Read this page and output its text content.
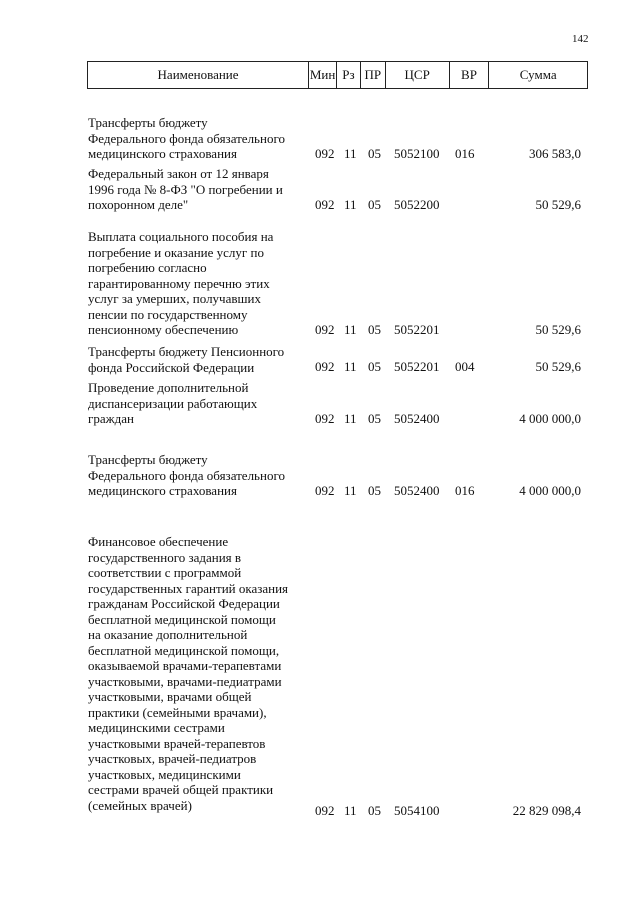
142
Наименование	Мин Рз ПР	ЦСР	ВР	Сумма
Трансферты бюджету
Федерального фонда обязательного
медицинского страхования	092 11 05 5052100 016	306 583,0
Федеральный закон от 12 января
1996 года № 8-ФЗ "О погребении и
похоронном деле"	092 11 05 5052200	50 529,6
Выплата социального пособия на
погребение и оказание услуг по
погребению согласно
гарантированному перечню этих
услуг за умерших, получавших
пенсии по государственному
пенсионному обеспечению	092 11 05 5052201	50 529,6
Трансферты бюджету Пенсионного
фонда Российской Федерации	092 11 05 5052201 004	50 529,6
Проведение дополнительной
диспансеризации работающих
граждан	092 11 05 5052400	4 000 000,0
Трансферты бюджету
Федерального фонда обязательного
медицинского страхования	092 11 05 5052400 016	4 000 000,0
Финансовое обеспечение
государственного задания в
соответствии с программой
государственных гарантий оказания
гражданам Российской Федерации
бесплатной медицинской помощи
на оказание дополнительной
бесплатной медицинской помощи,
оказываемой врачами-терапевтами
участковыми, врачами-педиатрами
участковыми, врачами общей
практики (семейными врачами),
медицинскими сестрами
участковыми врачей-терапевтов
участковых, врачей-педиатров
участковых, медицинскими
сестрами врачей общей практики
(семейных врачей)	092 11 05 5054100	22 829 098,4
